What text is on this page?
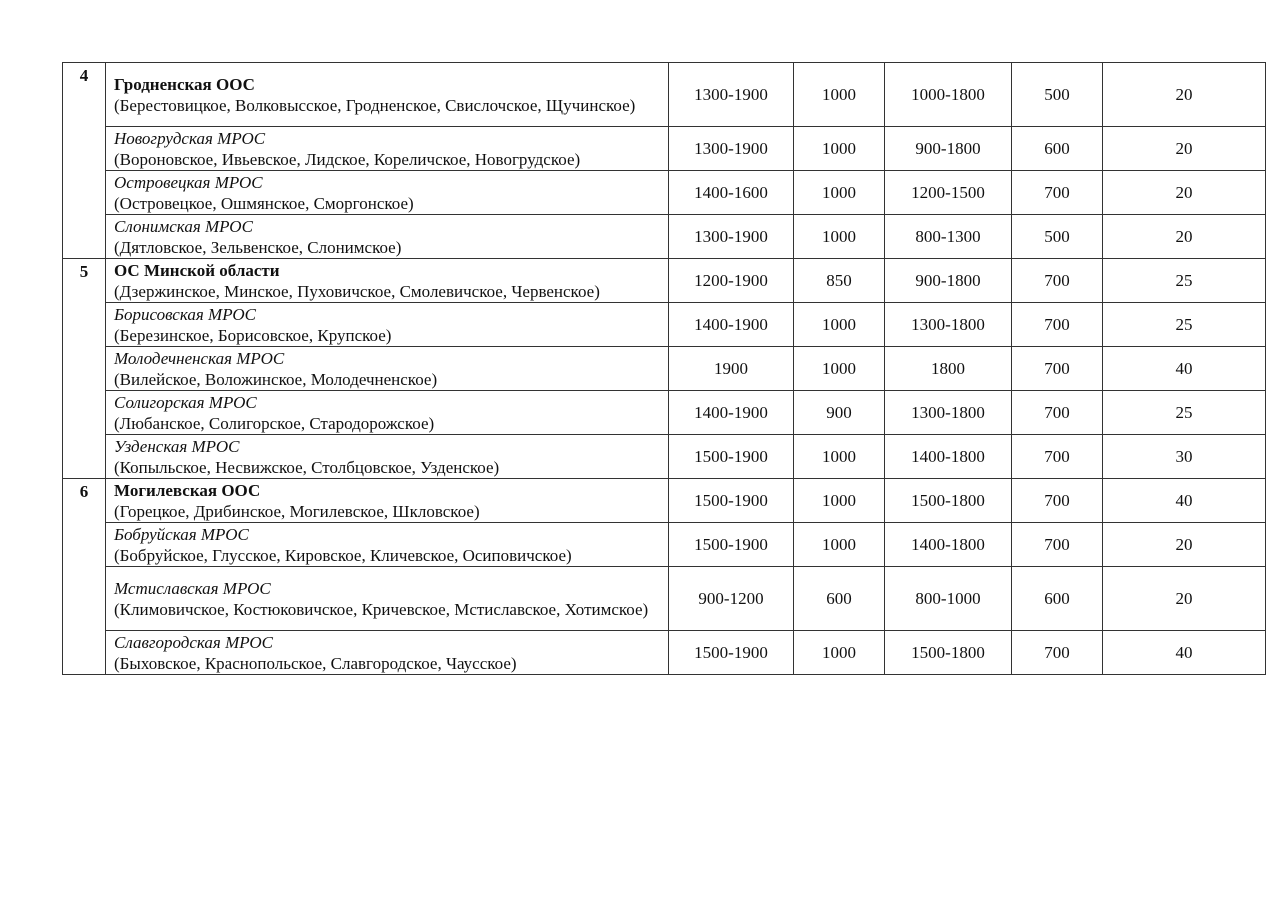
4	Гродненская ООС
(Берестовицкое, Волковысское, Гродненское, Свислочское, Щучинское)	1300-1900	1000	1000-1800	500	20

	Новогрудская МРОС
(Вороновское, Ивьевское, Лидское, Кореличское, Новогрудское)	1300-1900	1000	900-1800	600	20

	Островецкая МРОС
(Островецкое, Ошмянское, Сморгонское)	1400-1600	1000	1200-1500	700	20

	Слонимская МРОС
(Дятловское, Зельвенское, Слонимское)	1300-1900	1000	800-1300	500	20
5	ОС Минской области
(Дзержинское, Минское, Пуховичское, Смолевичское, Червенское)	1200-1900	850	900-1800	700	25

	Борисовская МРОС
(Березинское, Борисовское, Крупское)	1400-1900	1000	1300-1800	700	25

	Молодечненская МРОС
(Вилейское, Воложинское, Молодечненское)	1900	1000	1800	700	40

	Солигорская МРОС
(Любанское, Солигорское, Стародорожское)	1400-1900	900	1300-1800	700	25

	Узденская МРОС
(Копыльское, Несвижское, Столбцовское, Узденское)	1500-1900	1000	1400-1800	700	30
6	Могилевская ООС
(Горецкое, Дрибинское, Могилевское, Шкловское)	1500-1900	1000	1500-1800	700	40

	Бобруйская МРОС
(Бобруйское, Глусское, Кировское, Кличевское, Осиповичское)	1500-1900	1000	1400-1800	700	20

	Мстиславская МРОС
(Климовичское, Костюковичское, Кричевское, Мстиславское, Хотимское)	900-1200	600	800-1000	600	20

	Славгородская МРОС
(Быховское, Краснопольское, Славгородское, Чаусское)	1500-1900	1000	1500-1800	700	40
